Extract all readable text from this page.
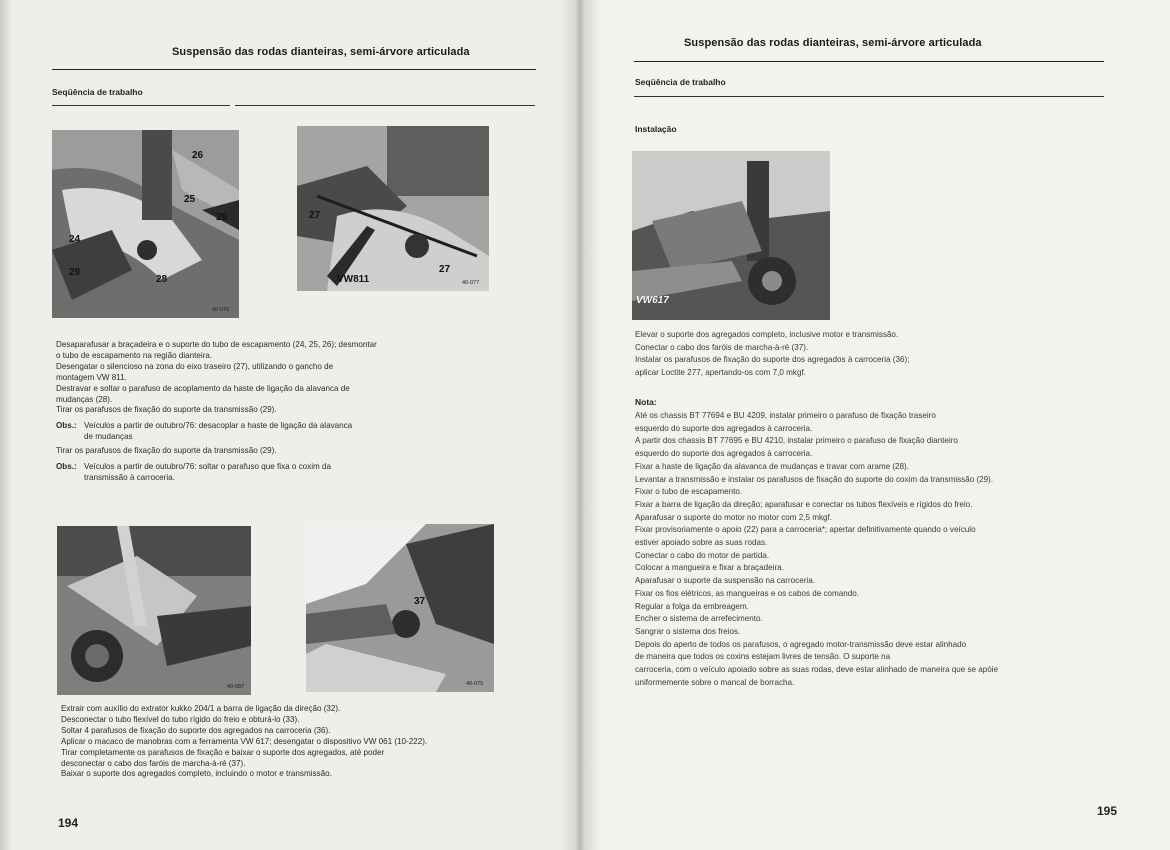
Suspensão das rodas dianteiras, semi-árvore articulada
Seqüência de trabalho
26
25
29
24
29
28
40-076
27
VW811
27
40-077
Desaparafusar a braçadeira e o suporte do tubo de escapamento (24, 25, 26); desmontar
o tubo de escapamento na região dianteira.
Desengatar o silencioso na zona do eixo traseiro (27), utilizando o gancho de
montagem VW 811.
Destravar e soltar o parafuso de acoplamento da haste de ligação da alavanca de
mudanças (28).
Tirar os parafusos de fixação do suporte da transmissão (29).
Obs.: Veículos a partir de outubro/76: desacoplar a haste de ligação da alavanca
de mudanças
Tirar os parafusos de fixação do suporte da transmissão (29).
Obs.: Veículos a partir de outubro/76: soltar o parafuso que fixa o coxim da
transmissão à carroceria.
40-087
37
40-079
Extrair com auxílio do extrator kukko 204/1 a barra de ligação da direção (32).
Desconectar o tubo flexível do tubo rígido do freio e obturá-lo (33).
Soltar 4 parafusos de fixação do suporte dos agregados na carroceria (36).
Aplicar o macaco de manobras com a ferramenta VW 617; desengatar o dispositivo VW 061 (10-222).
Tirar completamente os parafusos de fixação e baixar o suporte dos agregados, até poder
desconectar o cabo dos faróis de marcha-à-ré (37).
Baixar o suporte dos agregados completo, incluindo o motor e transmissão.
194
Suspensão das rodas dianteiras, semi-árvore articulada
Seqüência de trabalho
Instalação
VW617
Elevar o suporte dos agregados completo, inclusive motor e transmissão.
Conectar o cabo dos faróis de marcha-à-ré (37).
Instalar os parafusos de fixação do suporte dos agregados à carroceria (36);
aplicar Loctite 277, apertando-os com 7,0 mkgf.
Nota:
Até os chassis BT 77694 e BU 4209, instalar primeiro o parafuso de fixação traseiro
esquerdo do suporte dos agregados à carroceria.
A partir dos chassis BT 77695 e BU 4210, instalar primeiro o parafuso de fixação dianteiro
esquerdo do suporte dos agregados à carroceria.
Fixar a haste de ligação da alavanca de mudanças e travar com arame (28).
Levantar a transmissão e instalar os parafusos de fixação do suporte do coxim da transmissão (29).
Fixar o tubo de escapamento.
Fixar a barra de ligação da direção; aparafusar e conectar os tubos flexíveis e rígidos do freio.
Aparafusar o suporte do motor no motor com 2,5 mkgf.
Fixar provisoriamente o apoio (22) para a carroceria*; apertar definitivamente quando o veículo
estiver apoiado sobre as suas rodas.
Conectar o cabo do motor de partida.
Colocar a mangueira e fixar a braçadeira.
Aparafusar o suporte da suspensão na carroceria.
Fixar os fios elétricos, as mangueiras e os cabos de comando.
Regular a folga da embreagem.
Encher o sistema de arrefecimento.
Sangrar o sistema dos freios.
Depois do aperto de todos os parafusos, o agregado motor-transmissão deve estar alinhado
de maneira que todos os coxins estejam livres de tensão. O suporte na
carroceria, com o veículo apoiado sobre as suas rodas, deve estar alinhado de maneira que se apóie
uniformemente sobre o mancal de borracha.
195
